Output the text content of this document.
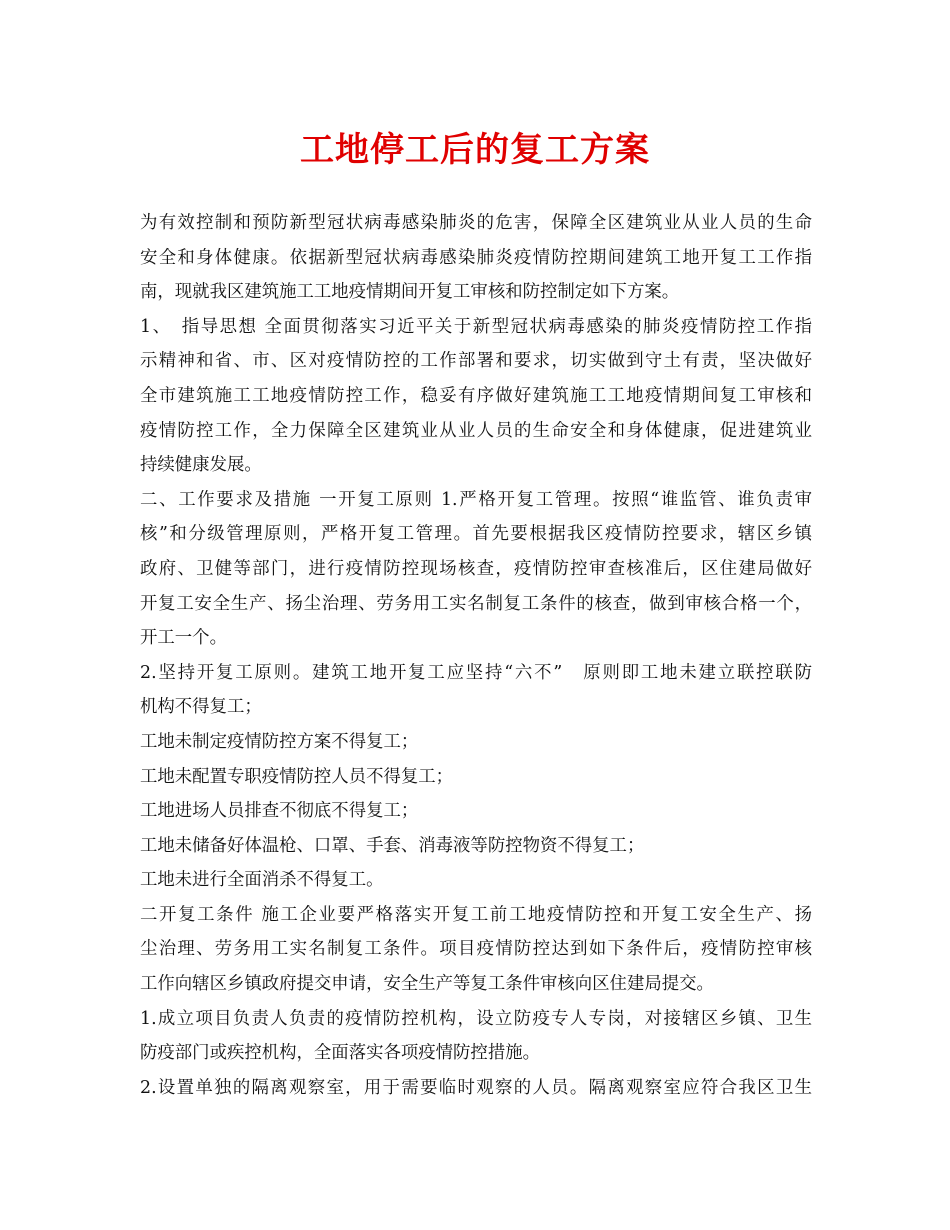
工地停工后的复工方案
为有效控制和预防新型冠状病毒感染肺炎的危害，保障全区建筑业从业人员的生命
安全和身体健康。依据新型冠状病毒感染肺炎疫情防控期间建筑工地开复工工作指
南，现就我区建筑施工工地疫情期间开复工审核和防控制定如下方案。
1、　指导思想 全面贯彻落实习近平关于新型冠状病毒感染的肺炎疫情防控工作指
示精神和省、市、区对疫情防控的工作部署和要求，切实做到守土有责，坚决做好
全市建筑施工工地疫情防控工作，稳妥有序做好建筑施工工地疫情期间复工审核和
疫情防控工作，全力保障全区建筑业从业人员的生命安全和身体健康，促进建筑业
持续健康发展。
二、工作要求及措施 一开复工原则 1.严格开复工管理。按照“谁监管、谁负责审
核”和分级管理原则，严格开复工管理。首先要根据我区疫情防控要求，辖区乡镇
政府、卫健等部门，进行疫情防控现场核查，疫情防控审查核准后，区住建局做好
开复工安全生产、扬尘治理、劳务用工实名制复工条件的核查，做到审核合格一个，
开工一个。
2.坚持开复工原则。建筑工地开复工应坚持“六不”　原则即工地未建立联控联防
机构不得复工；
工地未制定疫情防控方案不得复工；
工地未配置专职疫情防控人员不得复工；
工地进场人员排查不彻底不得复工；
工地未储备好体温枪、口罩、手套、消毒液等防控物资不得复工；
工地未进行全面消杀不得复工。
二开复工条件 施工企业要严格落实开复工前工地疫情防控和开复工安全生产、扬
尘治理、劳务用工实名制复工条件。项目疫情防控达到如下条件后，疫情防控审核
工作向辖区乡镇政府提交申请，安全生产等复工条件审核向区住建局提交。
1.成立项目负责人负责的疫情防控机构，设立防疫专人专岗，对接辖区乡镇、卫生
防疫部门或疾控机构，全面落实各项疫情防控措施。
2.设置单独的隔离观察室，用于需要临时观察的人员。隔离观察室应符合我区卫生
